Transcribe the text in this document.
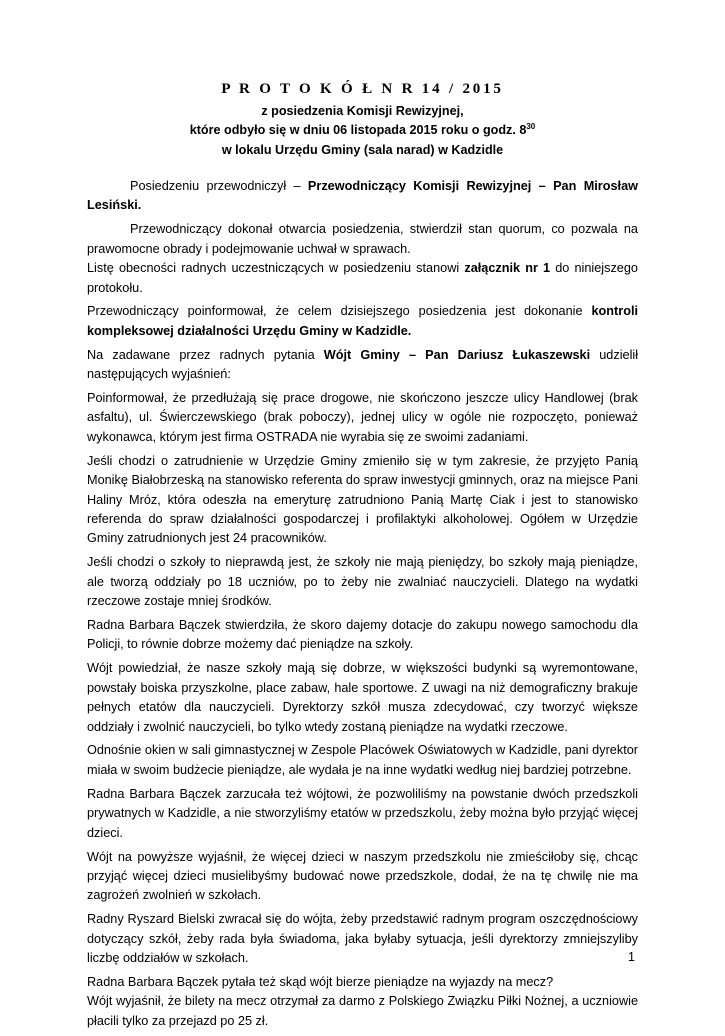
P R O T O K Ó Ł N R 14 / 2015
z posiedzenia Komisji Rewizyjnej,
które odbyło się w dniu 06 listopada 2015 roku o godz. $8^{30}$
w lokalu Urzędu Gminy (sala narad) w Kadzidle

Posiedzeniu przewodniczył – Przewodniczący Komisji Rewizyjnej – Pan Mirosław Lesiński.

Przewodniczący dokonał otwarcia posiedzenia, stwierdził stan quorum, co pozwala na prawomocne obrady i podejmowanie uchwał w sprawach.

Listę obecności radnych uczestniczących w posiedzeniu stanowi załącznik nr 1 do niniejszego protokołu.

Przewodniczący poinformował, że celem dzisiejszego posiedzenia jest dokonanie kontroli kompleksowej działalności Urzędu Gminy w Kadzidle.

Na zadawane przez radnych pytania Wójt Gminy – Pan Dariusz Łukaszewski udzielił następujących wyjaśnień:

Poinformował, że przedłużają się prace drogowe, nie skończono jeszcze ulicy Handlowej (brak asfaltu), ul. Świerczewskiego (brak poboczy), jednej ulicy w ogóle nie rozpoczęto, ponieważ wykonawca, którym jest firma OSTRADA nie wyrabia się ze swoimi zadaniami.

Jeśli chodzi o zatrudnienie w Urzędzie Gminy zmieniło się w tym zakresie, że przyjęto Panią Monikę Białobrzeską na stanowisko referenta do spraw inwestycji gminnych, oraz na miejsce Pani Haliny Mróz, która odeszła na emeryturę zatrudniono Panią Martę Ciak i jest to stanowisko referenda do spraw działalności gospodarczej i profilaktyki alkoholowej. Ogółem w Urzędzie Gminy zatrudnionych jest 24 pracowników.

Jeśli chodzi o szkoły to nieprawdą jest, że szkoły nie mają pieniędzy, bo szkoły mają pieniądze, ale tworzą oddziały po 18 uczniów, po to żeby nie zwalniać nauczycieli. Dlatego na wydatki rzeczowe zostaje mniej środków.

Radna Barbara Bączek stwierdziła, że skoro dajemy dotacje do zakupu nowego samochodu dla Policji, to równie dobrze możemy dać pieniądze na szkoły.

Wójt powiedział, że nasze szkoły mają się dobrze, w większości budynki są wyremontowane, powstały boiska przyszkolne, place zabaw, hale sportowe. Z uwagi na niż demograficzny brakuje pełnych etatów dla nauczycieli. Dyrektorzy szkół musza zdecydować, czy tworzyć większe oddziały i zwolnić nauczycieli, bo tylko wtedy zostaną pieniądze na wydatki rzeczowe.

Odnośnie okien w sali gimnastycznej w Zespole Placówek Oświatowych w Kadzidle, pani dyrektor miała w swoim budżecie pieniądze, ale wydała je na inne wydatki według niej bardziej potrzebne.

Radna Barbara Bączek zarzucała też wójtowi, że pozwoliliśmy na powstanie dwóch przedszkoli prywatnych w Kadzidle, a nie stworzyliśmy etatów w przedszkolu, żeby można było przyjąć więcej dzieci.

Wójt na powyższe wyjaśnił, że więcej dzieci w naszym przedszkolu nie zmieściłoby się, chcąc przyjąć więcej dzieci musielibyśmy budować nowe przedszkole, dodał, że na tę chwilę nie ma zagrożeń zwolnień w szkołach.

Radny Ryszard Bielski zwracał się do wójta, żeby przedstawić radnym program oszczędnościowy dotyczący szkół, żeby rada była świadoma, jaka byłaby sytuacja, jeśli dyrektorzy zmniejszyliby liczbę oddziałów w szkołach.

Radna Barbara Bączek pytała też skąd wójt bierze pieniądze na wyjazdy na mecz?

Wójt wyjaśnił, że bilety na mecz otrzymał za darmo z Polskiego Związku Piłki Nożnej, a uczniowie płacili tylko za przejazd po 25 zł.

1
